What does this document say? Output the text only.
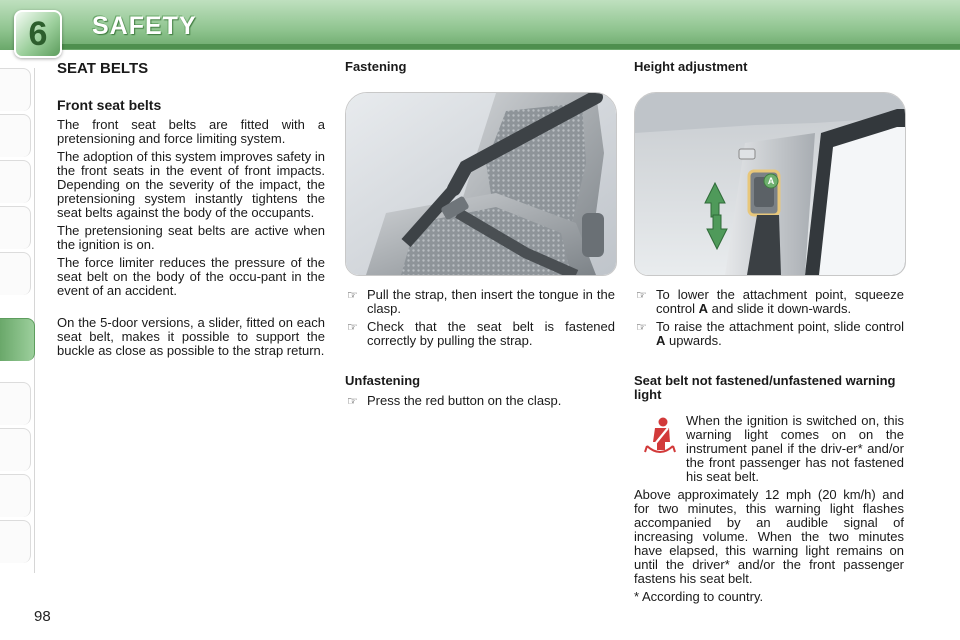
6	SAFETY
98
SEAT BELTS
Front seat belts

The front seat belts are fitted with a pretensioning and force limiting system.

The adoption of this system improves safety in the front seats in the event of front impacts. Depending on the severity of the impact, the pretensioning system instantly tightens the seat belts against the body of the occupants.

The pretensioning seat belts are active when the ignition is on.

The force limiter reduces the pressure of the seat belt on the body of the occu-pant in the event of an accident.

On the 5-door versions, a slider, fitted on each seat belt, makes it possible to support the buckle as close as possible to the strap return.

Fastening
☞ Pull the strap, then insert the tongue in the clasp.
☞ Check that the seat belt is fastened correctly by pulling the strap.
Unfastening
☞ Press the red button on the clasp.
Height adjustment
A
☞ To lower the attachment point, squeeze control A and slide it down-wards.
☞ To raise the attachment point, slide control A upwards.
Seat belt not fastened/unfastened warning light
When the ignition is switched on, this warning light comes on on the instrument panel if the driv-er* and/or the front passenger has not fastened his seat belt.

Above approximately 12 mph (20 km/h) and for two minutes, this warning light flashes accompanied by an audible signal of increasing volume. When the two minutes have elapsed, this warning light remains on until the driver* and/or the front passenger fastens his seat belt.

* According to country.
